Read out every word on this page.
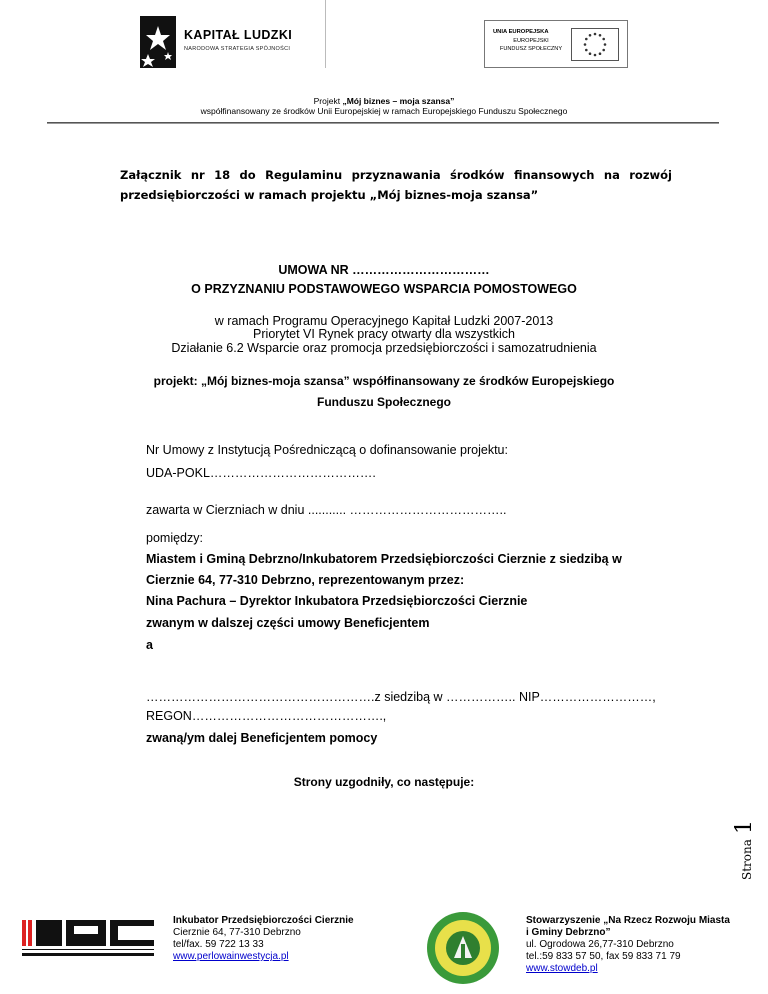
KAPITAŁ LUDZKI
NARODOWA STRATEGIA SPÓJNOŚCI
UNIA EUROPEJSKA
EUROPEJSKI
FUNDUSZ SPOŁECZNY
Projekt „Mój biznes – moja szansa”
współfinansowany ze środków Unii Europejskiej w ramach Europejskiego Funduszu Społecznego
Załącznik nr 18 do Regulaminu przyznawania środków finansowych na rozwój
przedsiębiorczości w ramach projektu „Mój biznes-moja szansa”
UMOWA NR ……………………………
O PRZYZNANIU PODSTAWOWEGO WSPARCIA POMOSTOWEGO
w ramach Programu Operacyjnego Kapitał Ludzki 2007-2013
Priorytet VI Rynek pracy otwarty dla wszystkich
Działanie 6.2 Wsparcie oraz promocja przedsiębiorczości i samozatrudnienia
projekt: „Mój biznes-moja szansa” współfinansowany ze środków Europejskiego
Funduszu Społecznego
Nr Umowy z Instytucją Pośredniczącą o dofinansowanie projektu:
UDA-POKL………………………………….
zawarta w Cierzniach w dniu ........... ………………………………..
pomiędzy:
Miastem i Gminą Debrzno/Inkubatorem Przedsiębiorczości Cierznie z siedzibą w
Cierznie 64, 77-310 Debrzno, reprezentowanym przez:
Nina Pachura – Dyrektor Inkubatora Przedsiębiorczości Cierznie
zwanym w dalszej części umowy Beneficjentem
a
……………………………………………….z siedzibą w …………….. NIP………………………,
REGON……………………………………….,
zwaną/ym dalej Beneficjentem pomocy
Strony uzgodniły, co następuje:
Strona 1
Inkubator Przedsiębiorczości Cierznie
Cierznie 64, 77-310 Debrzno
tel/fax. 59 722 13 33
www.perlowainwestycja.pl
Stowarzyszenie „Na Rzecz Rozwoju Miasta
i Gminy Debrzno”
ul. Ogrodowa 26,77-310 Debrzno
tel.:59 833 57 50, fax 59 833 71 79
www.stowdeb.pl
